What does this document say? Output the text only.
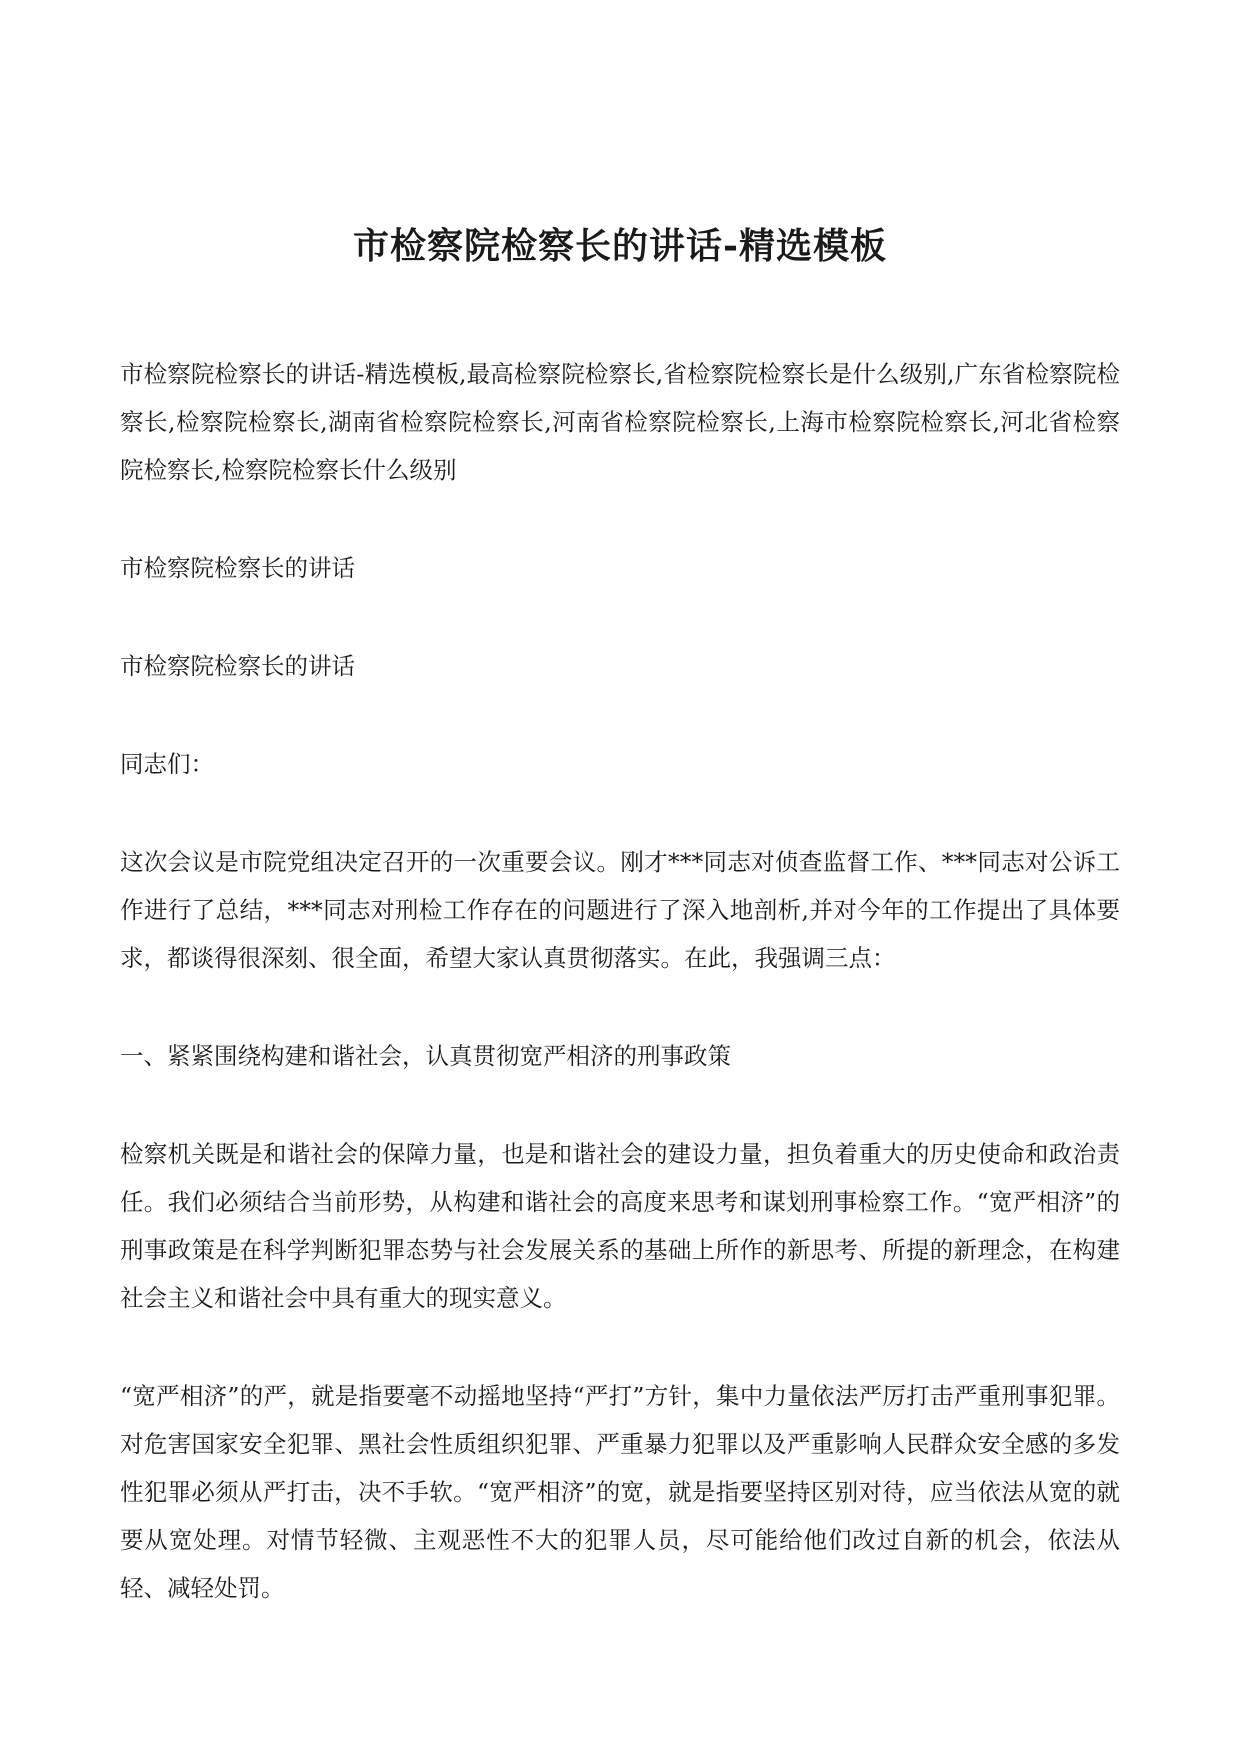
市检察院检察长的讲话-精选模板

市检察院检察长的讲话-精选模板,最高检察院检察长,省检察院检察长是什么级别,广东省检察院检察长,检察院检察长,湖南省检察院检察长,河南省检察院检察长,上海市检察院检察长,河北省检察院检察长,检察院检察长什么级别

市检察院检察长的讲话

市检察院检察长的讲话

同志们：

这次会议是市院党组决定召开的一次重要会议。刚才***同志对侦查监督工作、***同志对公诉工作进行了总结，***同志对刑检工作存在的问题进行了深入地剖析,并对今年的工作提出了具体要求，都谈得很深刻、很全面，希望大家认真贯彻落实。在此，我强调三点：

一、紧紧围绕构建和谐社会，认真贯彻宽严相济的刑事政策

检察机关既是和谐社会的保障力量，也是和谐社会的建设力量，担负着重大的历史使命和政治责任。我们必须结合当前形势，从构建和谐社会的高度来思考和谋划刑事检察工作。“宽严相济”的刑事政策是在科学判断犯罪态势与社会发展关系的基础上所作的新思考、所提的新理念，在构建社会主义和谐社会中具有重大的现实意义。

“宽严相济”的严，就是指要毫不动摇地坚持“严打”方针，集中力量依法严厉打击严重刑事犯罪。对危害国家安全犯罪、黑社会性质组织犯罪、严重暴力犯罪以及严重影响人民群众安全感的多发性犯罪必须从严打击，决不手软。“宽严相济”的宽，就是指要坚持区别对待，应当依法从宽的就要从宽处理。对情节轻微、主观恶性不大的犯罪人员，尽可能给他们改过自新的机会，依法从轻、减轻处罚。
